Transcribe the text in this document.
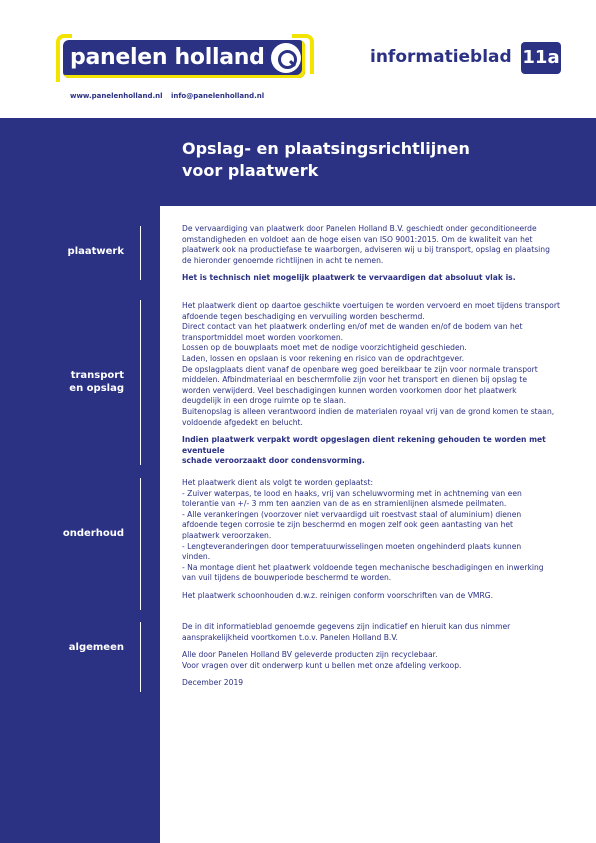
panelen holland
www.panelenholland.nl info@panelenholland.nl
informatieblad 11a
Opslag- en plaatsingsrichtlijnen
voor plaatwerk
plaatwerk
transport
en opslag
onderhoud
algemeen

De vervaardiging van plaatwerk door Panelen Holland B.V. geschiedt onder geconditioneerde

omstandigheden en voldoet aan de hoge eisen van ISO 9001:2015. Om de kwaliteit van het

plaatwerk ook na productiefase te waarborgen, adviseren wij u bij transport, opslag en plaatsing

de hieronder genoemde richtlijnen in acht te nemen.

Het is technisch niet mogelijk plaatwerk te vervaardigen dat absoluut vlak is.

Het plaatwerk dient op daartoe geschikte voertuigen te worden vervoerd en moet tijdens transport

afdoende tegen beschadiging en vervuiling worden beschermd.

Direct contact van het plaatwerk onderling en/of met de wanden en/of de bodem van het

transportmiddel moet worden voorkomen.

Lossen op de bouwplaats moet met de nodige voorzichtigheid geschieden.

Laden, lossen en opslaan is voor rekening en risico van de opdrachtgever.

De opslagplaats dient vanaf de openbare weg goed bereikbaar te zijn voor normale transport

middelen. Afbindmateriaal en beschermfolie zijn voor het transport en dienen bij opslag te

worden verwijderd. Veel beschadigingen kunnen worden voorkomen door het plaatwerk

deugdelijk in een droge ruimte op te slaan.

Buitenopslag is alleen verantwoord indien de materialen royaal vrij van de grond komen te staan,

voldoende afgedekt en belucht.

Indien plaatwerk verpakt wordt opgeslagen dient rekening gehouden te worden met eventuele

schade veroorzaakt door condensvorming.

Het plaatwerk dient als volgt te worden geplaatst:

- Zuiver waterpas, te lood en haaks, vrij van scheluwvorming met in achtneming van een

tolerantie van +/- 3 mm ten aanzien van de as en stramienlijnen alsmede peilmaten.

- Alle verankeringen (voorzover niet vervaardigd uit roestvast staal of aluminium) dienen

afdoende tegen corrosie te zijn beschermd en mogen zelf ook geen aantasting van het

plaatwerk veroorzaken.

- Lengteveranderingen door temperatuurwisselingen moeten ongehinderd plaats kunnen

vinden.

- Na montage dient het plaatwerk voldoende tegen mechanische beschadigingen en inwerking

van vuil tijdens de bouwperiode beschermd te worden.

Het plaatwerk schoonhouden d.w.z. reinigen conform voorschriften van de VMRG.

De in dit informatieblad genoemde gegevens zijn indicatief en hieruit kan dus nimmer

aansprakelijkheid voortkomen t.o.v. Panelen Holland B.V.

Alle door Panelen Holland BV geleverde producten zijn recyclebaar.

Voor vragen over dit onderwerp kunt u bellen met onze afdeling verkoop.

December 2019
